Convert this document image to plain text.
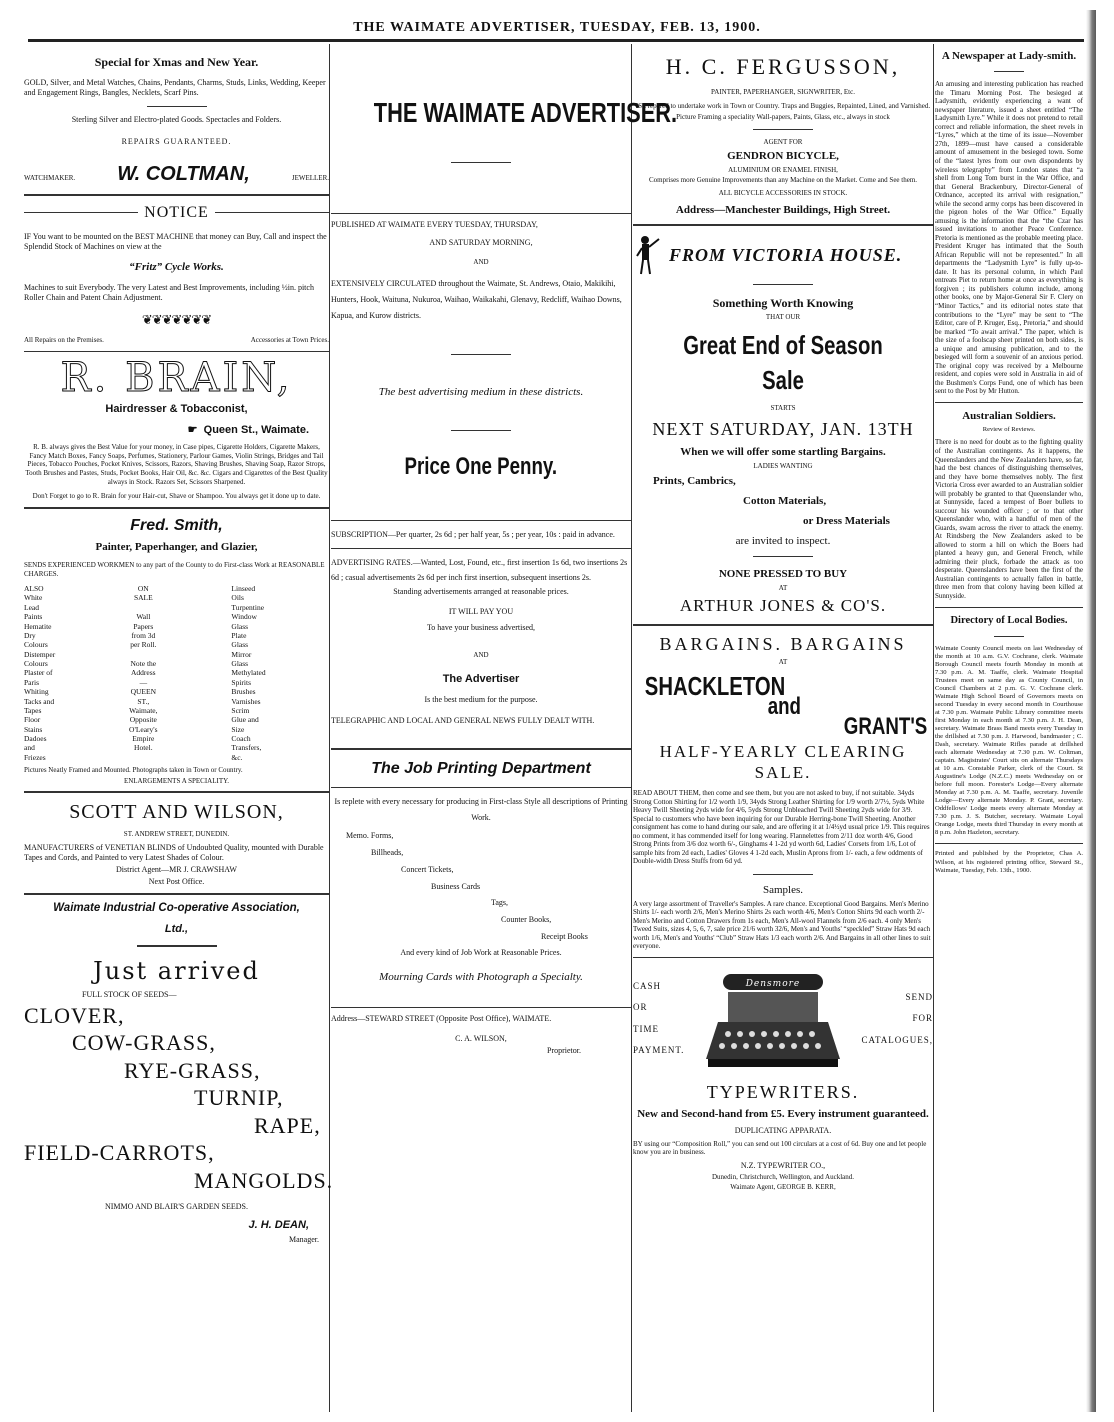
THE WAIMATE ADVERTISER, TUESDAY, FEB. 13, 1900.
Special for Xmas and New Year.

GOLD, Silver, and Metal Watches, Chains, Pendants, Charms, Studs, Links, Wedding, Keeper and Engagement Rings, Bangles, Necklets, Scarf Pins.

Sterling Silver and Electro-plated Goods. Spectacles and Folders.

REPAIRS GUARANTEED.

WATCHMAKER. W. COLTMAN,	JEWELLER.
NOTICE

IF You want to be mounted on the BEST MACHINE that money can Buy, Call and inspect the Splendid Stock of Machines on view at the

“Fritz” Cycle Works.

Machines to suit Everybody. The very Latest and Best Improvements, including ½in. pitch Roller Chain and Patent Chain Adjustment.

❦❦❦❦❦❦❦
All Repairs on the Premises.	Accessories at Town Prices.
R. BRAIN,

Hairdresser & Tobacconist,

☛  Queen St., Waimate.

R. B. always gives the Best Value for your money, in Case pipes, Cigarette Holders, Cigarette Makers, Fancy Match Boxes, Fancy Soaps, Perfumes, Stationery, Parlour Games, Violin Strings, Bridges and Tail Pieces, Tobacco Pouches, Pocket Knives, Scissors, Razors, Shaving Brushes, Shaving Soap, Razor Strops, Tooth Brushes and Pastes, Studs, Pocket Books, Hair Oil, &c. &c. Cigars and Cigarettes of the Best Quality always in Stock. Razors Set, Scissors Sharpened.

Don't Forget to go to R. Brain for your Hair-cut, Shave or Shampoo. You always get it done up to date.

Fred. Smith,

Painter, Paperhanger, and Glazier,

SENDS EXPERIENCED WORKMEN to any part of the County to do First-class Work at REASONABLE CHARGES.

ALSO
White Lead
Paints
Hematite
Dry Colours
Distemper Colours
Plaster of Paris
Whiting
Tacks and Tapes
Floor Stains
Dadoes and Friezes
ON SALE

Wall Papers from 3d
per Roll.

Note the Address—
QUEEN ST.,
Waimate,
Opposite O'Leary's
Empire Hotel.
Linseed Oils
Turpentine
Window Glass
Plate Glass
Mirror Glass
Methylated Spirits
Brushes
Varnishes
Scrim
Glue and Size
Coach Transfers, &c.

Pictures Neatly Framed and Mounted. Photographs taken in Town or Country.

ENLARGEMENTS A SPECIALITY.

SCOTT AND WILSON,

ST. ANDREW STREET, DUNEDIN.

MANUFACTURERS of VENETIAN BLINDS of Undoubted Quality, mounted with Durable Tapes and Cords, and Painted to very Latest Shades of Colour.

District Agent—MR J. CRAWSHAW

Next Post Office.

Waimate Industrial Co-operative Association,

Ltd.,

Just arrived

FULL STOCK OF SEEDS—

CLOVER,
COW-GRASS,
RYE-GRASS,
TURNIP,
RAPE,
FIELD-CARROTS,
MANGOLDS.

NIMMO AND BLAIR'S GARDEN SEEDS.

J. H. DEAN,

Manager.

THE WAIMATE ADVERTISER.

PUBLISHED AT WAIMATE EVERY TUESDAY, THURSDAY,

AND SATURDAY MORNING,

AND

EXTENSIVELY CIRCULATED throughout the Waimate, St. Andrews, Otaio, Makikihi, Hunters, Hook, Waituna, Nukuroa, Waihao, Waikakahi, Glenavy, Redcliff, Waihao Downs, Kapua, and Kurow districts.

The best advertising medium in these districts.

Price One Penny.

SUBSCRIPTION—Per quarter, 2s 6d ; per half year, 5s ; per year, 10s : paid in advance.

ADVERTISING RATES.—Wanted, Lost, Found, etc., first insertion 1s 6d, two insertions 2s 6d ; casual advertisements 2s 6d per inch first insertion, subsequent insertions 2s.

Standing advertisements arranged at reasonable prices.

IT WILL PAY YOU

To have your business advertised,

AND

The Advertiser

Is the best medium for the purpose.

TELEGRAPHIC AND LOCAL AND GENERAL NEWS FULLY DEALT WITH.

The Job Printing Department

Is replete with every necessary for producing in First-class Style all descriptions of Printing Work.

Memo. Forms,
Billheads,
Concert Tickets,
Business Cards
Tags,
Counter Books,
Receipt Books

And every kind of Job Work at Reasonable Prices.

Mourning Cards with Photograph a Specialty.

Address—STEWARD STREET (Opposite Post Office), WAIMATE.

C. A. WILSON,

Proprietor.

H. C. FERGUSSON,

PAINTER, PAPERHANGER, SIGNWRITER, Etc.

IS Prepared to undertake work in Town or Country. Traps and Buggies, Repainted, Lined, and Varnished.

Picture Framing a speciality Wall-papers, Paints, Glass, etc., always in stock

AGENT FOR

GENDRON BICYCLE,

ALUMINIUM OR ENAMEL FINISH,

Comprises more Genuine Improvements than any Machine on the Market. Come and See them.

ALL BICYCLE ACCESSORIES IN STOCK.

Address—Manchester Buildings, High Street.

FROM VICTORIA HOUSE.

Something Worth Knowing

THAT OUR

Great End of Season Sale

STARTS

NEXT SATURDAY, JAN. 13TH

When we will offer some startling Bargains.

LADIES WANTING

Prints, Cambrics,
Cotton Materials,
or Dress Materials

are invited to inspect.

NONE PRESSED TO BUY

AT

ARTHUR JONES & CO'S.

BARGAINS. BARGAINS

AT

SHACKLETON
and
GRANT'S

HALF-YEARLY CLEARING SALE.

READ ABOUT THEM, then come and see them, but you are not asked to buy, if not suitable. 34yds Strong Cotton Shirting for 1/2 worth 1/9, 34yds Strong Leather Shirting for 1/9 worth 2/7½, 5yds White Heavy Twill Sheeting 2yds wide for 4/6, 5yds Strong Unbleached Twill Sheeting 2yds wide for 3/9. Special to customers who have been inquiring for our Durable Herring-bone Twill Sheeting. Another consignment has come to hand during our sale, and are offering it at 1/4½yd usual price 1/9. This requires no comment, it has commended itself for long wearing. Flannelettes from 2/11 doz worth 4/6, Good Strong Prints from 3/6 doz worth 6/-, Ginghams 4 1-2d yd worth 6d, Ladies' Corsets from 1/6, Lot of sample hits from 2d each, Ladies' Gloves 4 1-2d each, Muslin Aprons from 1/- each, a few oddments of Double-width Dress Stuffs from 6d yd.

Samples.

A very large assortment of Traveller's Samples. A rare chance. Exceptional Good Bargains. Men's Merino Shirts 1/- each worth 2/6, Men's Merino Shirts 2s each worth 4/6, Men's Cotton Shirts 9d each worth 2/- Men's Merino and Cotton Drawers from 1s each, Men's All-wool Flannels from 2/6 each. 4 only Men's Tweed Suits, sizes 4, 5, 6, 7, sale price 21/6 worth 32/6, Men's and Youths' “speckled” Straw Hats 9d each worth 1/6, Men's and Youths' “Club” Straw Hats 1/3 each worth 2/6. And Bargains in all other lines to suit everyone.

CASH
OR
TIME
PAYMENT.
Densmore
SEND
FOR
CATALOGUES,

TYPEWRITERS.

New and Second-hand from £5. Every instrument guaranteed.

DUPLICATING APPARATA.

BY using our “Composition Roll,” you can send out 100 circulars at a cost of 6d. Buy one and let people know you are in business.

N.Z. TYPEWRITER CO.,

Dunedin, Christchurch, Wellington, and Auckland.

Waimate Agent, GEORGE B. KERR,

A Newspaper at Lady-smith.

An amusing and interesting publication has reached the Timaru Morning Post. The besieged at Ladysmith, evidently experiencing a want of newspaper literature, issued a sheet entitled “The Ladysmith Lyre.” While it does not pretend to retail correct and reliable information, the sheet revels in “Lyres,” which at the time of its issue—November 27th, 1899—must have caused a considerable amount of amusement in the besieged town. Some of the “latest lyres from our own dispondents by wireless telegraphy” from London states that “a shell from Long Tom burst in the War Office, and that General Brackenbury, Director-General of Ordnance, accepted its arrival with resignation,” while the second army corps has been discovered in the pigeon holes of the War Office.” Equally amusing is the information that the “the Czar has issued invitations to another Peace Conference. Pretoria is mentioned as the probable meeting place. President Kruger has intimated that the South African Republic will not be represented.” In all departments the “Ladysmith Lyre” is fully up-to-date. It has its personal column, in which Paul entreats Piet to return home at once as everything is forgiven ; its publishers column include, among other books, one by Major-General Sir F. Clery on “Minor Tactics,” and its editorial notes state that contributions to the “Lyre” may be sent to “The Editor, care of P. Kruger, Esq., Pretoria,” and should be marked “To await arrival.” The paper, which is the size of a foolscap sheet printed on both sides, is a unique and amusing publication, and to the besieged will form a souvenir of an anxious period. The original copy was received by a Melbourne resident, and copies were sold in Australia in aid of the Bushmen's Corps Fund, one of which has been sent to the Post by Mr Hutton.

Australian Soldiers.

Review of Reviews.

There is no need for doubt as to the fighting quality of the Australian contingents. As it happens, the Queenslanders and the New Zealanders have, so far, had the best chances of distinguishing themselves, and they have borne themselves nobly. The first Victoria Cross ever awarded to an Australian soldier will probably be granted to that Queenslander who, at Sunnyside, faced a tempest of Boer bullets to succour his wounded officer ; or to that other Queenslander who, with a handful of men of the Guards, swam across the river to attack the enemy. At Rindsberg the New Zealanders asked to be allowed to storm a hill on which the Boers had planted a heavy gun, and General French, while admiring their pluck, forbade the attack as too desperate. Queenslanders have been the first of the Australian contingents to actually fallen in battle, three men from that colony having been killed at Sunnyside.

Directory of Local Bodies.

Waimate County Council meets on last Wednesday of the month at 10 a.m. G.V. Cochrane, clerk. Waimate Borough Council meets fourth Monday in month at 7.30 p.m. A. M. Taaffe, clerk. Waimate Hospital Trustees meet on same day as County Council, in Council Chambers at 2 p.m. G. V. Cochrane clerk. Waimate High School Board of Governors meets on second Tuesday in every second month in Courthouse at 7.30 p.m. Waimate Public Library committee meets first Monday in each month at 7.30 p.m. J. H. Dean, secretary. Waimate Brass Band meets every Tuesday in the drillshed at 7.30 p.m. J. Harwood, bandmaster ; C. Dash, secretary. Waimate Rifles parade at drillshed each alternate Wednesday at 7.30 p.m. W. Coltman, captain. Magistrates' Court sits on alternate Thursdays at 10 a.m. Constable Parker, clerk of the Court. St Augustine's Lodge (N.Z.C.) meets Wednesday on or before full moon. Forester's Lodge—Every alternate Monday at 7.30 p.m. A. M. Taaffe, secretary. Juvenile Lodge—Every alternate Monday. P. Grant, secretary. Oddfellows' Lodge meets every alternate Monday at 7.30 p.m. J. S. Butcher, secretary. Waimate Loyal Orange Lodge, meets third Thursday in every month at 8 p.m. John Hazleton, secretary.

Printed and published by the Proprietor, Chas A. Wilson, at his registered printing office, Steward St., Waimate, Tuesday, Feb. 13th., 1900.
